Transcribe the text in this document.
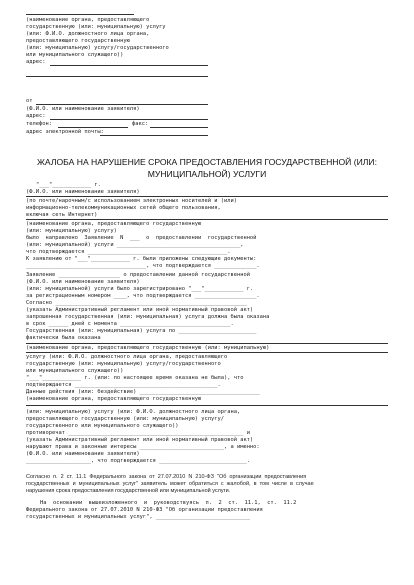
(наименование органа, предоставляющего
государственную (или: муниципальную) услугу
(или: Ф.И.О. должностного лица органа,
предоставляющего государственную
(или: муниципальную) услугу/государственного
или муниципального служащего))
адрес:
от
(Ф.И.О. или наименование заявителя)
адрес:
телефон:	факс:
адрес электронной почты:
ЖАЛОБА НА НАРУШЕНИЕ СРОКА ПРЕДОСТАВЛЕНИЯ ГОСУДАРСТВЕННОЙ (ИЛИ:
МУНИЦИПАЛЬНОЙ) УСЛУГИ
"___"____________ г.
(Ф.И.О. или наименование заявителя)
(по почте/нарочным/с использованием электронных носителей и (или)
информационно-телекоммуникационных сетей общего пользования,
включая сеть Интернет)
(наименование органа, предоставляющего государственную
(или: муниципальную) услугу)
было  направлено  Заявление  N  ___  о  предоставлении  государственной
(или: муниципальной) услуги ______________________________________,
что подтверждается ___________________________________________.
К заявлению от "___"____________ г. были приложены следующие документы:
_____________________________________, что подтверждается _____________.
Заявление ___________________ о предоставлении данной государственной
(Ф.И.О. или наименование заявителя)
(или: муниципальной) услуги было зарегистрировано "___"____________ г.
за регистрационным номером ____, что подтверждается ___________________.
Согласно ___________________________________________________________
(указать Административный регламент или иной нормативный правовой акт)
запрошенная государственная (или: муниципальная) услуга должна была оказана
в срок ______ дней с момента __________________________________.
Государственная (или: муниципальная) услуга по ________________________
фактически была оказана
(наименование органа, предоставляющего государственную (или: муниципальную)
услугу (или: Ф.И.О. должностного лица органа, предоставляющего
государственную (или: муниципальную) услугу/государственного
или муниципального служащего))
"___"____________ г. (или: по настоящее время оказана не была), что
подтверждается ____________________________________________.
Данные действия (или: бездействие) _____________________________________
(наименование органа, предоставляющего государственную
(или: муниципальную) услугу (или: Ф.И.О. должностного лица органа,
предоставляющего государственную (или: муниципальную) услугу/
государственного или муниципального служащего))
противоречат ______________________________________________________ и
(указать Административный регламент или иной нормативный правовой акт)
нарушают права и законные интересы __________________________, а именно:
(Ф.И.О. или наименование заявителя)
____________________, что подтверждается ___________________________.
Согласно  п.  2  ст.  11.1  Федерального  закона  от  27.07.2010  N  210-ФЗ  "Об  организации  предоставления
государственных  и  муниципальных  услуг"  заявитель  может  обратиться  с  жалобой,  в  том  числе  в  случае
нарушения срока предоставления государственной или муниципальной услуги.
На  основании  вышеизложенного  и  руководствуясь  п.  2  ст.  11.1,  ст.  11.2
Федерального закона от 27.07.2010 N 210-ФЗ "Об организации предоставления
государственных и муниципальных услуг", _____________________________
